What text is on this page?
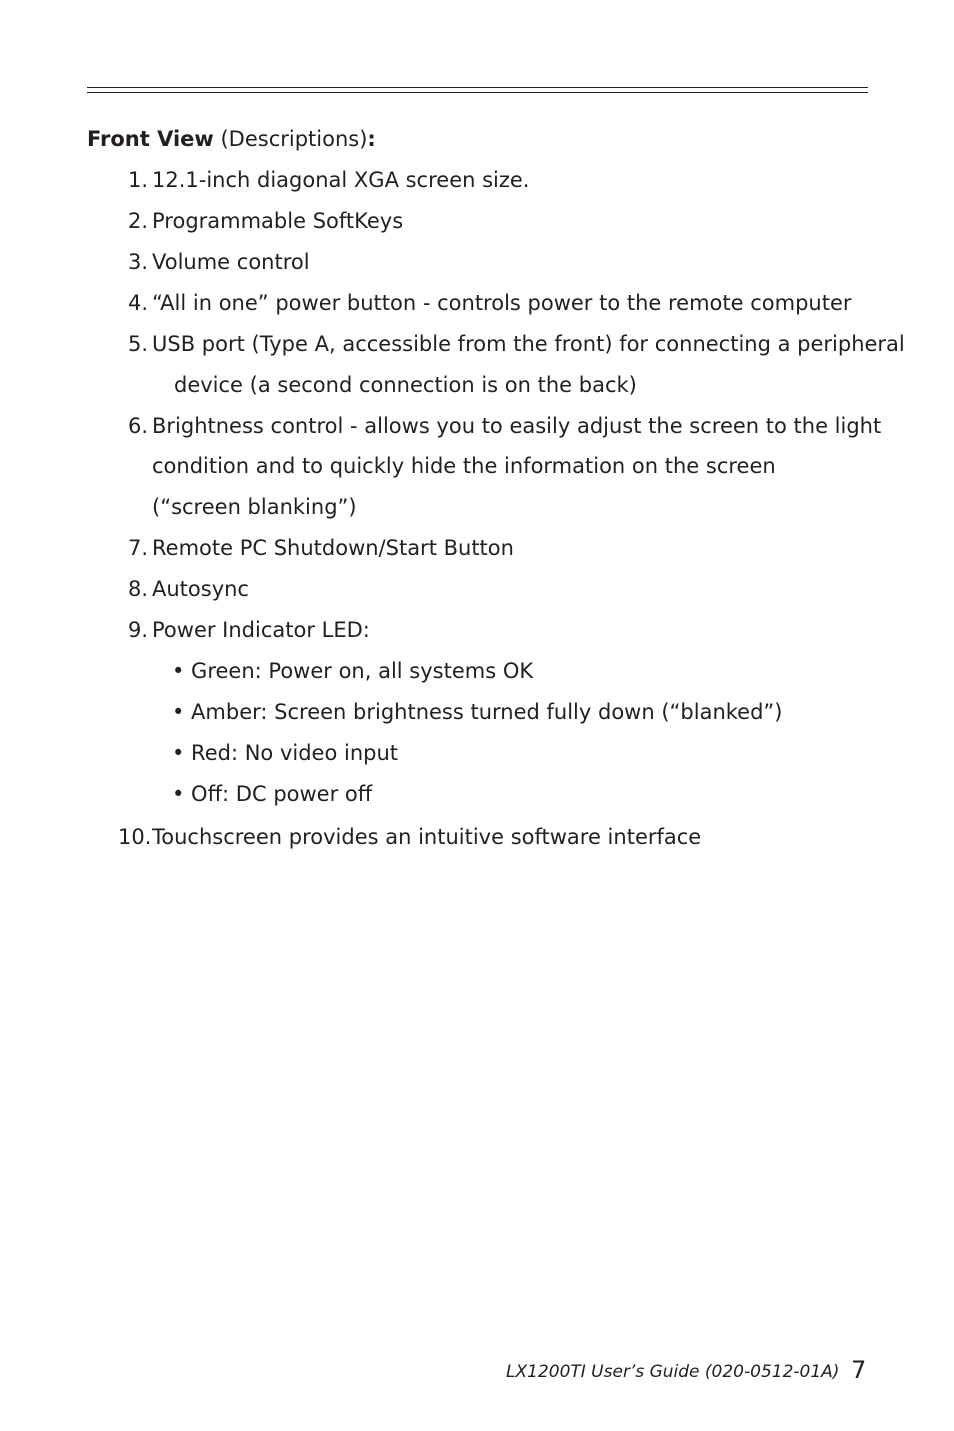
Front View (Descriptions):
1. 12.1-inch diagonal XGA screen size.
2. Programmable SoftKeys
3. Volume control
4. “All in one” power button - controls power to the remote computer
5. USB port (Type A, accessible from the front) for connecting a peripheral
device (a second connection is on the back)
6. Brightness control - allows you to easily adjust the screen to the light
condition and to quickly hide the information on the screen
(“screen blanking”)
7. Remote PC Shutdown/Start Button
8. Autosync
9. Power Indicator LED:
• Green: Power on, all systems OK
• Amber: Screen brightness turned fully down (“blanked”)
• Red: No video input
• Off: DC power off
10. Touchscreen provides an intuitive software interface
LX1200TI User’s Guide (020-0512-01A) 7
